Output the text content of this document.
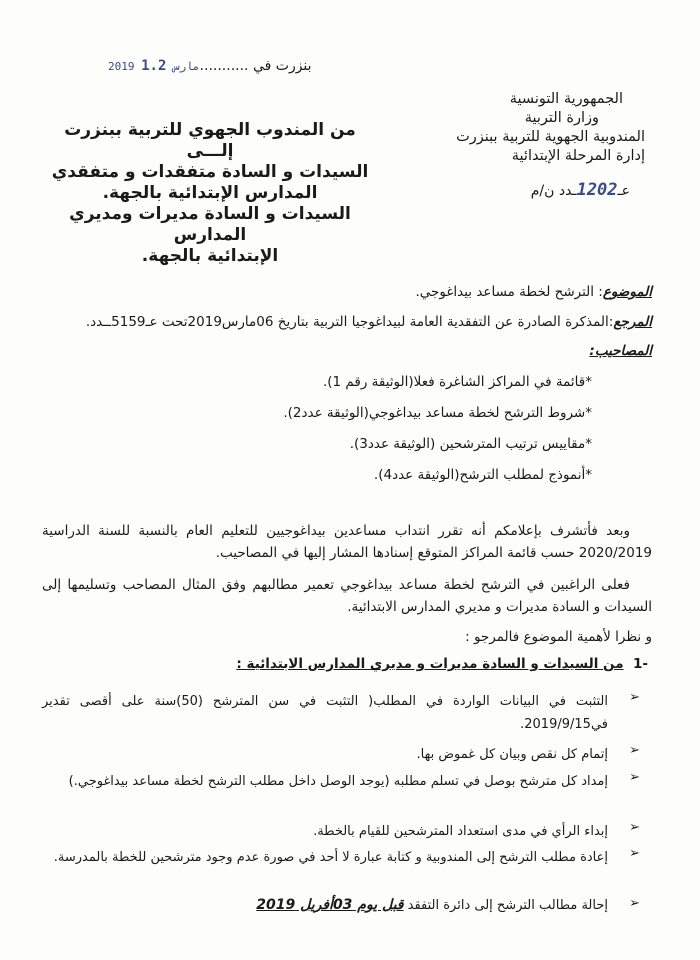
2019	مارس 1.2 ........... بنزرت في
الجمهورية التونسية
وزارة التربية
المندوبية الجهوية للتربية ببنزرت
إدارة المرحلة الإبتدائية
عـ1202ـدد ن/م
من المندوب الجهوي للتربية ببنزرت
إلـــى
السيدات و السادة متفقدات و متفقدي المدارس الإبتدائية بالجهة.
السيدات و السادة مديرات ومديري المدارس
الإبتدائية بالجهة.
الموضوع: الترشح لخطة مساعد بيداغوجي.
المرجع:المذكرة الصادرة عن التفقدية العامة لبيداغوجيا التربية بتاريخ 06مارس2019تحت عـ5159ــدد.
المصاحيب:
*قائمة في المراكز الشاغرة فعلا(الوثيقة رقم 1).
*شروط الترشح لخطة مساعد بيداغوجي(الوثيقة عدد2).
*مقاييس ترتيب المترشحين (الوثيقة عدد3).
*أنموذج لمطلب الترشح(الوثيقة عدد4).
وبعد فأتشرف بإعلامكم أنه تقرر انتداب مساعدين بيداغوجيين للتعليم العام بالنسبة للسنة الدراسية 2020/2019 حسب قائمة المراكز المتوقع إسنادها المشار إليها في المصاحيب.
فعلى الراغبين في الترشح لخطة مساعد بيداغوجي تعمير مطالبهم وفق المثال المصاحب وتسليمها إلى السيدات و السادة مديرات و مديري المدارس الابتدائية.
و نظرا لأهمية الموضوع فالمرجو :
-1  من السيدات و السادة مديرات و مديري المدارس الابتدائية :
➢
التثبت في البيانات الواردة في المطلب( التثبت في سن المترشح (50)سنة على أقصى تقدير في2019/9/15.
➢
إتمام كل نقص وبيان كل غموض بها.
➢
إمداد كل مترشح بوصل في تسلم مطلبه (يوجد الوصل داخل مطلب الترشح لخطة مساعد بيداغوجي.)
➢
إبداء الرأي في مدى استعداد المترشحين للقيام بالخطة.
➢
إعادة مطلب الترشح إلى المندوبية و كتابة عبارة لا أحد في صورة عدم وجود مترشحين للخطة بالمدرسة.
➢
إحالة مطالب الترشح إلى دائرة التفقد قبل يوم 03أفريل 2019
